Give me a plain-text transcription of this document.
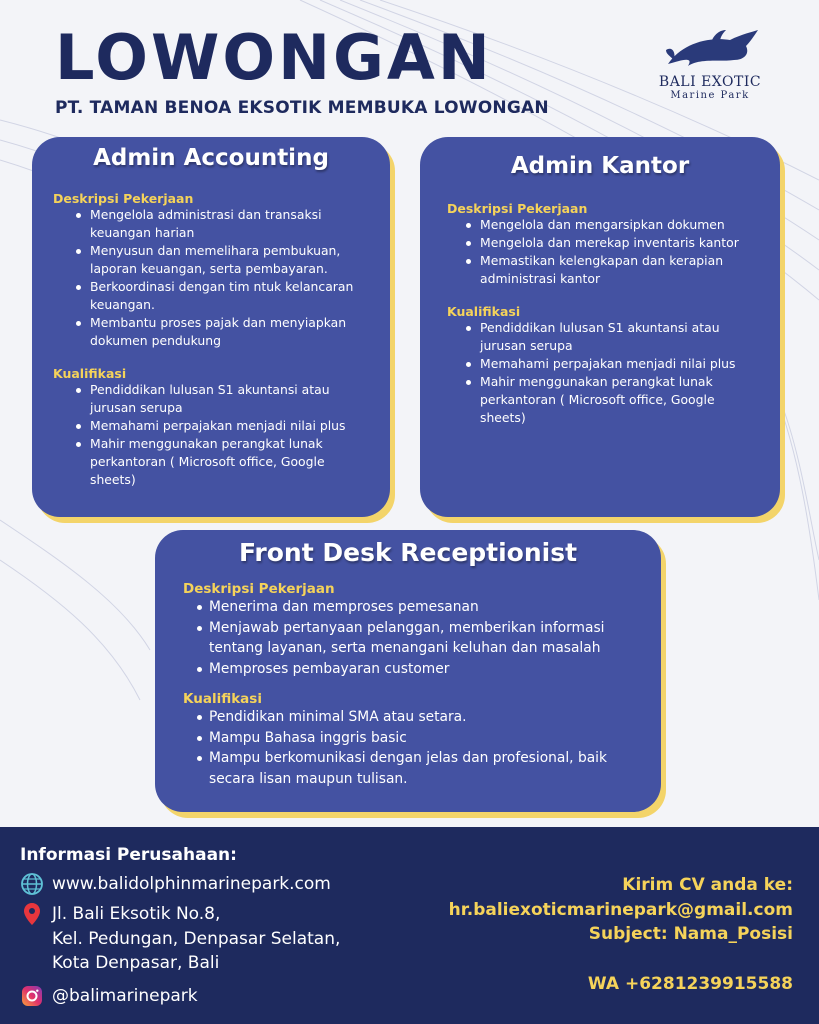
LOWONGAN
PT. TAMAN BENOA EKSOTIK MEMBUKA LOWONGAN
BALI EXOTIC
Marine Park
Admin Accounting
Deskripsi Pekerjaan
Mengelola administrasi dan transaksi keuangan harian
Menyusun dan memelihara pembukuan, laporan keuangan, serta pembayaran.
Berkoordinasi dengan tim ntuk kelancaran keuangan.
Membantu proses pajak dan menyiapkan dokumen pendukung
Kualifikasi
Pendiddikan lulusan S1 akuntansi atau jurusan serupa
Memahami perpajakan menjadi nilai plus
Mahir menggunakan perangkat lunak perkantoran ( Microsoft office, Google sheets)
Admin Kantor
Deskripsi Pekerjaan
Mengelola dan mengarsipkan dokumen
Mengelola dan merekap inventaris kantor
Memastikan kelengkapan dan kerapian administrasi kantor
Kualifikasi
Pendiddikan lulusan S1 akuntansi atau jurusan serupa
Memahami perpajakan menjadi nilai plus
Mahir menggunakan perangkat lunak perkantoran ( Microsoft office, Google sheets)
Front Desk Receptionist
Deskripsi Pekerjaan
Menerima dan memproses pemesanan
Menjawab pertanyaan pelanggan, memberikan informasi tentang layanan, serta menangani keluhan dan masalah
Memproses pembayaran customer
Kualifikasi
Pendidikan minimal SMA atau setara.
Mampu Bahasa inggris basic
Mampu berkomunikasi dengan jelas dan profesional, baik secara lisan maupun tulisan.
Informasi Perusahaan:
www.balidolphinmarinepark.com
Jl. Bali Eksotik No.8,
Kel. Pedungan, Denpasar Selatan,
Kota Denpasar, Bali
@balimarinepark
Kirim CV anda ke:
hr.baliexoticmarinepark@gmail.com
Subject: Nama_Posisi
WA +6281239915588
